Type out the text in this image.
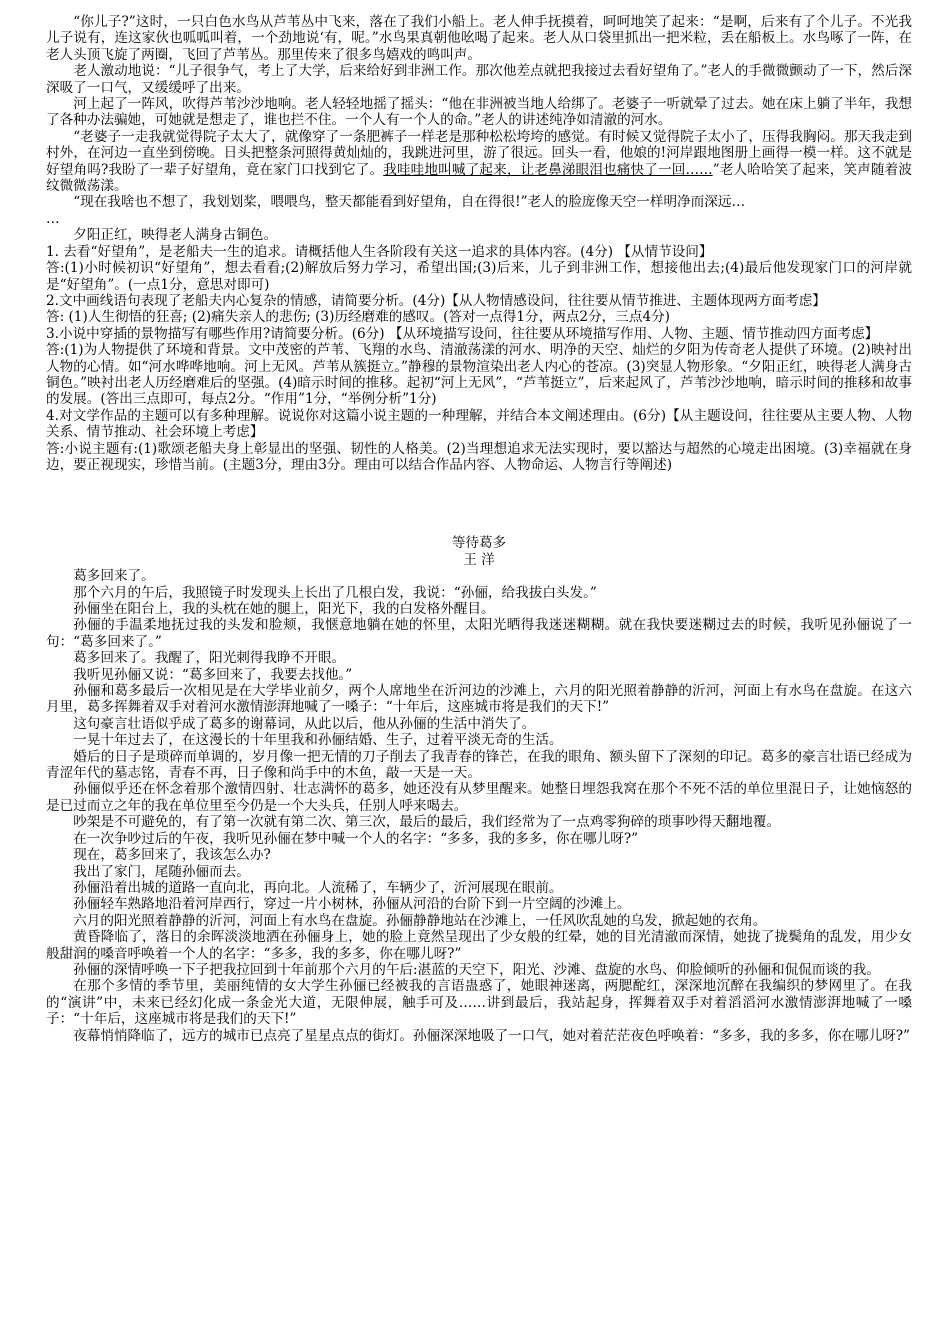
“你儿子?”这时，一只白色水鸟从芦苇丛中飞来，落在了我们小船上。老人伸手抚摸着，呵呵地笑了起来：“是啊，后来有了个儿子。不光我儿子说有，连这家伙也呱呱叫着，一个劲地说‘有，呢。”水鸟果真朝他吆喝了起来。老人从口袋里抓出一把米粒，丢在船板上。水鸟啄了一阵，在老人头顶飞旋了两圈，飞回了芦苇丛。那里传来了很多鸟嬉戏的鸣叫声。

老人激动地说：“儿子很争气，考上了大学，后来给好到非洲工作。那次他差点就把我接过去看好望角了。”老人的手微微颤动了一下，然后深深吸了一口气，又缓缓呼了出来。

河上起了一阵风，吹得芦苇沙沙地响。老人轻轻地摇了摇头：“他在非洲被当地人给绑了。老婆子一听就晕了过去。她在床上躺了半年，我想了各种办法骗她，可她就是想走了，谁也拦不住。一个人有一个人的命。”老人的讲述纯净如清澈的河水。

“老婆子一走我就觉得院子太大了，就像穿了一条肥裤子一样老是那种松松垮垮的感觉。有时候又觉得院子太小了，压得我胸闷。那天我走到村外，在河边一直坐到傍晚。日头把整条河照得黄灿灿的，我跳进河里，游了很远。回头一看，他娘的!河岸跟地图册上画得一模一样。这不就是好望角吗?我盼了一辈子好望角，竟在家门口找到它了。我哇哇地叫喊了起来，让老鼻涕眼泪也痛快了一回……”老人哈哈笑了起来，笑声随着波纹微微荡漾。

“现在我啥也不想了，我划划桨，喂喂鸟，整天都能看到好望角，自在得很!”老人的脸庞像天空一样明净而深远…

…

夕阳正红，映得老人满身古铜色。

1. 去看“好望角”，是老船夫一生的追求。请概括他人生各阶段有关这一追求的具体内容。(4分) 【从情节设问】

答:(1)小时候初识“好望角”，想去看看;(2)解放后努力学习，希望出国;(3)后来，儿子到非洲工作，想接他出去;(4)最后他发现家门口的河岸就是“好望角”。(一点1分，意思对即可)

2.文中画线语句表现了老船夫内心复杂的情感，请简要分析。(4分)【从人物情感设问，往往要从情节推进、主题体现两方面考虑】

答: (1)人生彻悟的狂喜; (2)痛失亲人的悲伤; (3)历经磨难的感叹。(答对一点得1分，两点2分，三点4分)

3.小说中穿插的景物描写有哪些作用?请简要分析。(6分) 【从环境描写设问，往往要从环境描写作用、人物、主题、情节推动四方面考虑】

答:(1)为人物提供了环境和背景。文中茂密的芦苇、飞翔的水鸟、清澈荡漾的河水、明净的天空、灿烂的夕阳为传奇老人提供了环境。(2)映衬出人物的心情。如“河水哗哗地响。河上无风。芦苇从簇挺立。”静穆的景物渲染出老人内心的苍凉。(3)突显人物形象。“夕阳正红，映得老人满身古铜色。”映衬出老人历经磨难后的坚强。(4)暗示时间的推移。起初“河上无风”，“芦苇挺立”，后来起风了，芦苇沙沙地响，暗示时间的推移和故事的发展。(答出三点即可，每点2分。“作用”1分，“举例分析”1分)

4.对文学作品的主题可以有多种理解。说说你对这篇小说主题的一种理解，并结合本文阐述理由。(6分)【从主题设问，往往要从主要人物、人物关系、情节推动、社会环境上考虑】

答:小说主题有:(1)歌颂老船夫身上彰显出的坚强、韧性的人格美。(2)当理想追求无法实现时，要以豁达与超然的心境走出困境。(3)幸福就在身边，要正视现实，珍惜当前。(主题3分，理由3分。理由可以结合作品内容、人物命运、人物言行等阐述)

等待葛多

王 洋

葛多回来了。

那个六月的午后，我照镜子时发现头上长出了几根白发，我说：“孙俪，给我拔白头发。”

孙俪坐在阳台上，我的头枕在她的腿上，阳光下，我的白发格外醒目。

孙俪的手温柔地抚过我的头发和脸颊，我惬意地躺在她的怀里，太阳光晒得我迷迷糊糊。就在我快要迷糊过去的时候，我听见孙俪说了一句：“葛多回来了。”

葛多回来了。我醒了，阳光刺得我睁不开眼。

我听见孙俪又说：“葛多回来了，我要去找他。”

孙俪和葛多最后一次相见是在大学毕业前夕，两个人席地坐在沂河边的沙滩上，六月的阳光照着静静的沂河，河面上有水鸟在盘旋。在这六月里，葛多挥舞着双手对着河水激情澎湃地喊了一嗓子：“十年后，这座城市将是我们的天下!”

这句豪言壮语似乎成了葛多的谢幕词，从此以后，他从孙俪的生活中消失了。

一晃十年过去了，在这漫长的十年里我和孙俪结婚、生子，过着平淡无奇的生活。

婚后的日子是琐碎而单调的，岁月像一把无情的刀子削去了我青春的锋芒，在我的眼角、额头留下了深刻的印记。葛多的豪言壮语已经成为青涩年代的墓志铭，青春不再，日子像和尚手中的木鱼，敲一天是一天。

孙俪似乎还在怀念着那个激情四射、壮志满怀的葛多，她还没有从梦里醒来。她整日埋怨我窝在那个不死不活的单位里混日子，让她恼怒的是已过而立之年的我在单位里至今仍是一个大头兵，任别人呼来喝去。

吵架是不可避免的，有了第一次就有第二次、第三次，最后的最后，我们经常为了一点鸡零狗碎的琐事吵得天翻地覆。

在一次争吵过后的午夜，我听见孙俪在梦中喊一个人的名字：“多多，我的多多，你在哪儿呀?”

现在，葛多回来了，我该怎么办?

我出了家门，尾随孙俪而去。

孙俪沿着出城的道路一直向北，再向北。人流稀了，车辆少了，沂河展现在眼前。

孙俪轻车熟路地沿着河岸西行，穿过一片小树林，孙俪从河沿的台阶下到一片空阔的沙滩上。

六月的阳光照着静静的沂河，河面上有水鸟在盘旋。孙俪静静地站在沙滩上，一任风吹乱她的乌发，掀起她的衣角。

黄昏降临了，落日的余晖淡淡地洒在孙俪身上，她的脸上竟然呈现出了少女般的红晕，她的目光清澈而深情，她拢了拢鬓角的乱发，用少女般甜润的嗓音呼唤着一个人的名字：“多多，我的多多，你在哪儿呀?”

孙俪的深情呼唤一下子把我拉回到十年前那个六月的午后:湛蓝的天空下，阳光、沙滩、盘旋的水鸟、仰脸倾听的孙俪和侃侃而谈的我。

在那个多情的季节里，美丽纯情的女大学生孙俪已经被我的言语蛊惑了，她眼神迷离，两腮酡红，深深地沉醉在我编织的梦网里了。在我的“演讲”中，未来已经幻化成一条金光大道，无限伸展，触手可及……讲到最后，我站起身，挥舞着双手对着滔滔河水激情澎湃地喊了一嗓子：“十年后，这座城市将是我们的天下!”

夜幕悄悄降临了，远方的城市已点亮了星星点点的街灯。孙俪深深地吸了一口气，她对着茫茫夜色呼唤着：“多多，我的多多，你在哪儿呀?”
